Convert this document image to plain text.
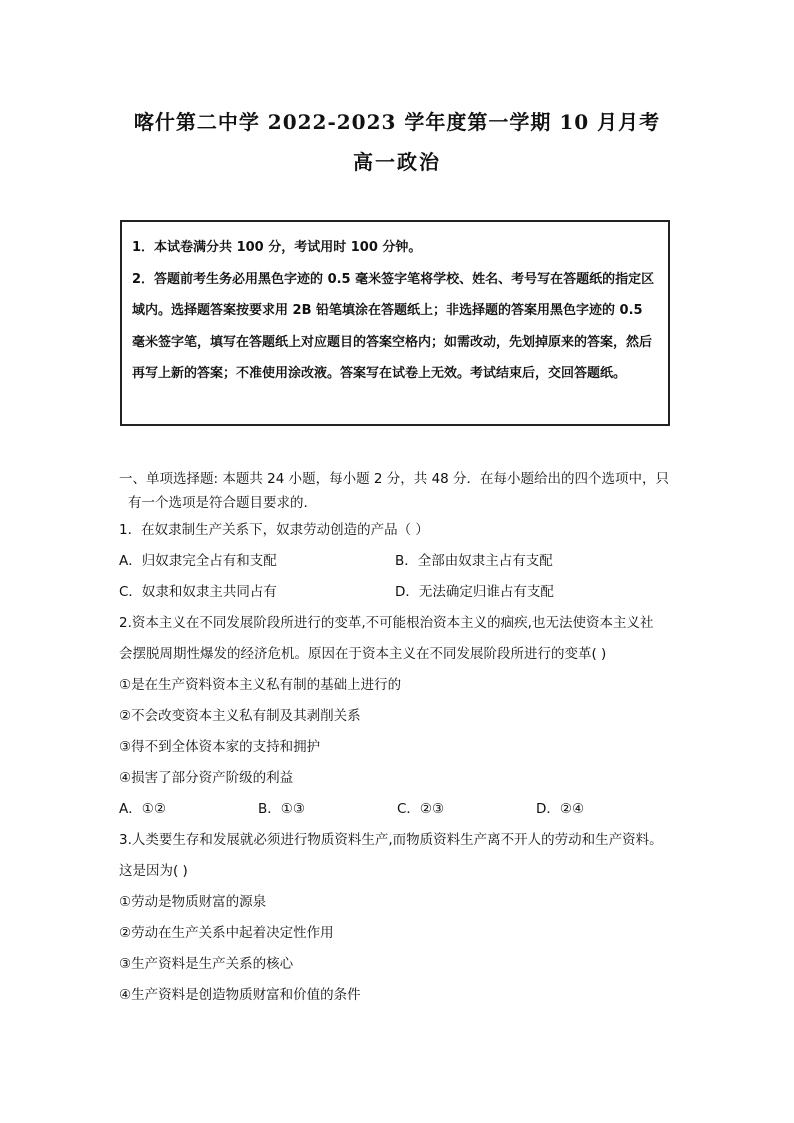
喀什第二中学 2022-2023 学年度第一学期 10 月月考
高一政治

1．本试卷满分共 100 分，考试用时 100 分钟。

2．答题前考生务必用黑色字迹的 0.5 毫米签字笔将学校、姓名、考号写在答题纸的指定区域内。选择题答案按要求用 2B 铅笔填涂在答题纸上；非选择题的答案用黑色字迹的 0.5 毫米签字笔，填写在答题纸上对应题目的答案空格内；如需改动，先划掉原来的答案，然后再写上新的答案；不准使用涂改液。答案写在试卷上无效。考试结束后，交回答题纸。

一、单项选择题: 本题共 24 小题，每小题 2 分，共 48 分．在每小题给出的四个选项中，只
有一个选项是符合题目要求的.
1．在奴隶制生产关系下，奴隶劳动创造的产品（ ）
A．归奴隶完全占有和支配	B．全部由奴隶主占有支配
C．奴隶和奴隶主共同占有	D．无法确定归谁占有支配
2.资本主义在不同发展阶段所进行的变革,不可能根治资本主义的痼疾,也无法使资本主义社
会摆脱周期性爆发的经济危机。原因在于资本主义在不同发展阶段所进行的变革( )
①是在生产资料资本主义私有制的基础上进行的
②不会改变资本主义私有制及其剥削关系
③得不到全体资本家的支持和拥护
④损害了部分资产阶级的利益
A．①②	B．①③	C．②③	D．②④
3.人类要生存和发展就必须进行物质资料生产,而物质资料生产离不开人的劳动和生产资料。
这是因为( )
①劳动是物质财富的源泉
②劳动在生产关系中起着决定性作用
③生产资料是生产关系的核心
④生产资料是创造物质财富和价值的条件
